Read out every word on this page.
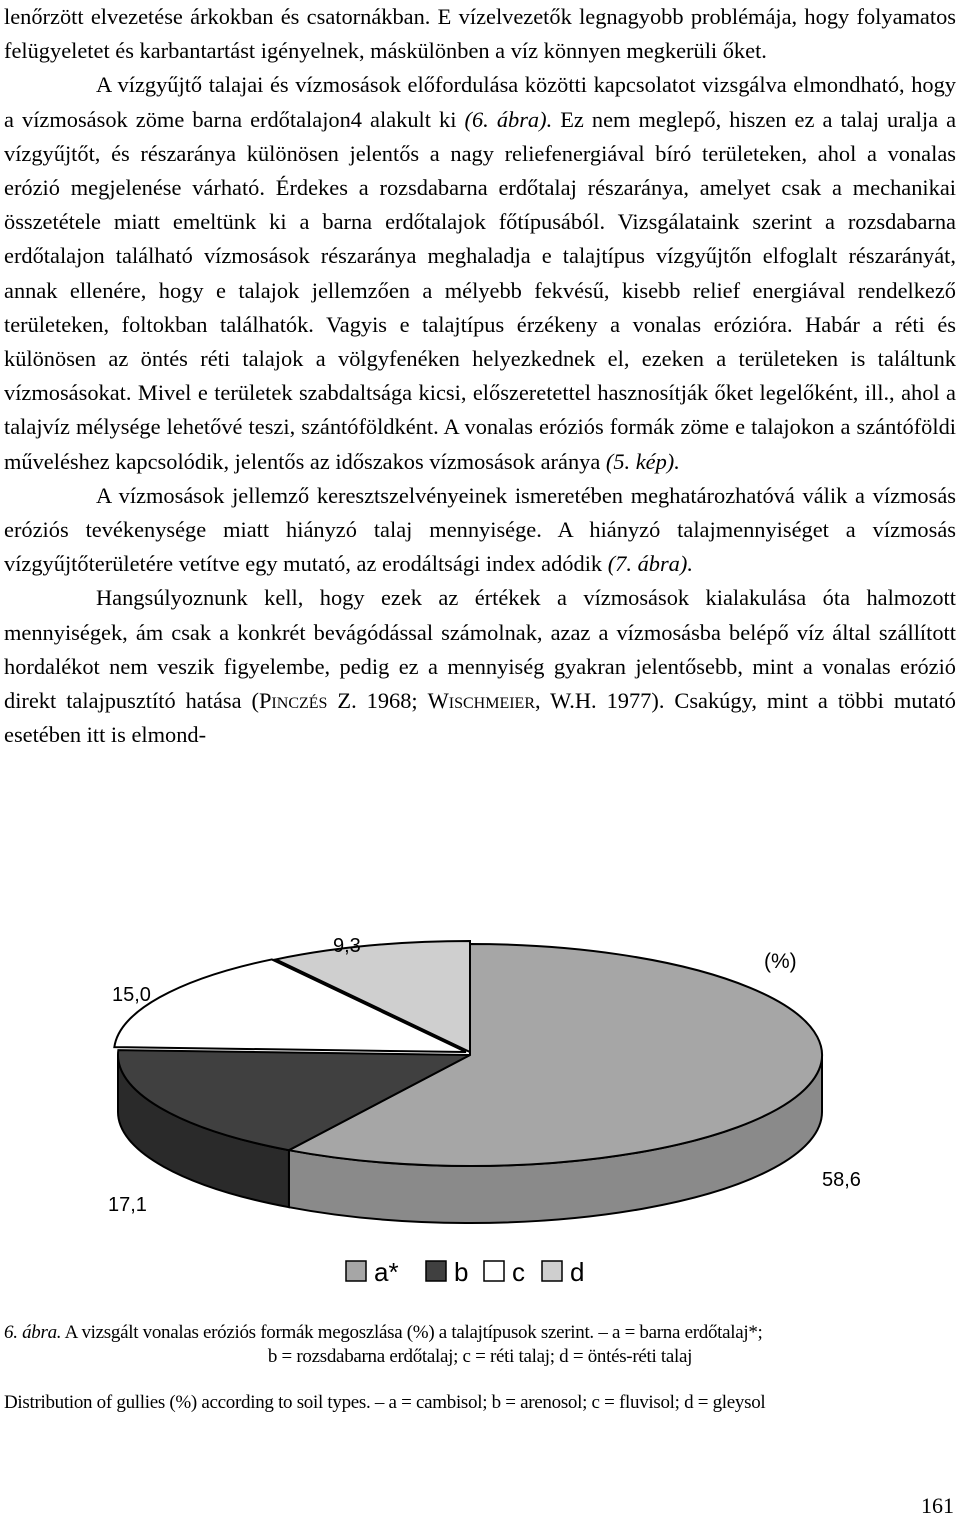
lenőrzött elvezetése árkokban és csatornákban. E vízelvezetők legnagyobb problémája, hogy folyamatos felügyeletet és karbantartást igényelnek, máskülönben a víz könnyen megkerüli őket.

A vízgyűjtő talajai és vízmosások előfordulása közötti kapcsolatot vizsgálva elmondható, hogy a vízmosások zöme barna erdőtalajon4 alakult ki (6. ábra). Ez nem meglepő, hiszen ez a talaj uralja a vízgyűjtőt, és részaránya különösen jelentős a nagy reliefenergiával bíró területeken, ahol a vonalas erózió megjelenése várható. Érdekes a rozsdabarna erdőtalaj részaránya, amelyet csak a mechanikai összetétele miatt emeltünk ki a barna erdőtalajok főtípusából. Vizsgálataink szerint a rozsdabarna erdőtalajon található vízmosások részaránya meghaladja e talajtípus vízgyűjtőn elfoglalt részarányát, annak ellenére, hogy e talajok jellemzően a mélyebb fekvésű, kisebb relief energiával rendelkező területeken, foltokban találhatók. Vagyis e talajtípus érzékeny a vonalas erózióra. Habár a réti és különösen az öntés réti talajok a völgyfenéken helyezkednek el, ezeken a területeken is találtunk vízmosásokat. Mivel e területek szabdaltsága kicsi, előszeretettel hasznosítják őket legelőként, ill., ahol a talajvíz mélysége lehetővé teszi, szántóföldként. A vonalas eróziós formák zöme e talajokon a szántóföldi műveléshez kapcsolódik, jelentős az időszakos vízmosások aránya (5. kép).

A vízmosások jellemző keresztszelvényeinek ismeretében meghatározhatóvá válik a vízmosás eróziós tevékenysége miatt hiányzó talaj mennyisége. A hiányzó talajmennyiséget a vízmosás vízgyűjtőterületére vetítve egy mutató, az erodáltsági index adódik (7. ábra).

Hangsúlyoznunk kell, hogy ezek az értékek a vízmosások kialakulása óta halmozott mennyiségek, ám csak a konkrét bevágódással számolnak, azaz a vízmosásba belépő víz által szállított hordalékot nem veszik figyelembe, pedig ez a mennyiség gyakran jelentősebb, mint a vonalas erózió direkt talajpusztító hatása (Pinczés Z. 1968; Wischmeier, W.H. 1977). Csakúgy, mint a többi mutató esetében itt is elmond-

58,6
17,1
15,0
9,3
(%)
a* b c d
6. ábra. A vizsgált vonalas eróziós formák megoszlása (%) a talajtípusok szerint. – a = barna erdőtalaj*;
b = rozsdabarna erdőtalaj; c = réti talaj; d = öntés-réti talaj
Distribution of gullies (%) according to soil types. – a = cambisol; b = arenosol; c = fluvisol; d = gleysol
161
